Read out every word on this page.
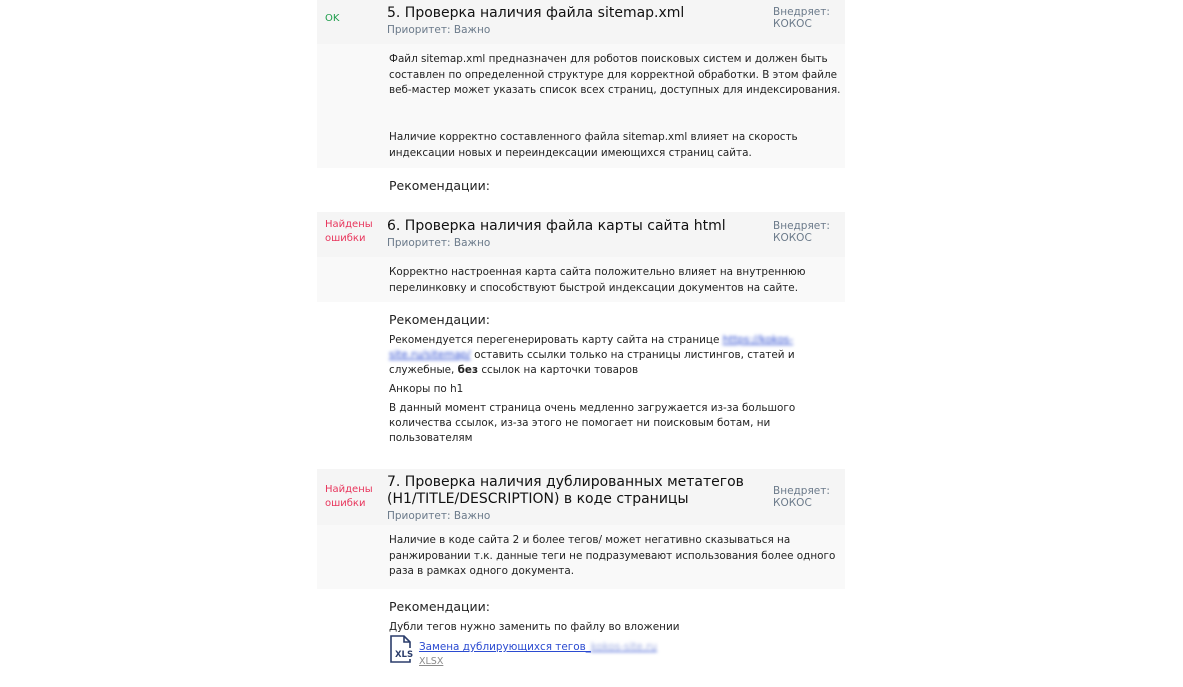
OK	5. Проверка наличия файла sitemap.xml
Приоритет: Важно
Внедряет:
КОКОС

Файл sitemap.xml предназначен для роботов поисковых систем и должен быть составлен по определенной структуре для корректной обработки. В этом файле веб-мастер может указать список всех страниц, доступных для индексирования.

Наличие корректно составленного файла sitemap.xml влияет на скорость индексации новых и переиндексации имеющихся страниц сайта.

Рекомендации:
Найдены ошибки
6. Проверка наличия файла карты сайта html
Приоритет: Важно
Внедряет:
КОКОС

Корректно настроенная карта сайта положительно влияет на внутреннюю перелинковку и способствуют быстрой индексации документов на сайте.

Рекомендации:

Рекомендуется перегенерировать карту сайта на странице https://kokos-site.ru/sitemap/ оставить ссылки только на страницы листингов, статей и служебные, без ссылок на карточки товаров

Анкоры по h1

В данный момент страница очень медленно загружается из-за большого количества ссылок, из-за этого не помогает ни поисковым ботам, ни пользователям

Найдены ошибки
7. Проверка наличия дублированных метатегов (H1/TITLE/DESCRIPTION) в коде страницы
Приоритет: Важно
Внедряет:
КОКОС

Наличие в коде сайта 2 и более тегов/ может негативно сказываться на ранжировании т.к. данные теги не подразумевают использования более одного раза в рамках одного документа.

Рекомендации:

Дубли тегов нужно заменить по файлу во вложении

XLS
Замена дублирующихся тегов_kokos-site.ru
XLSX
